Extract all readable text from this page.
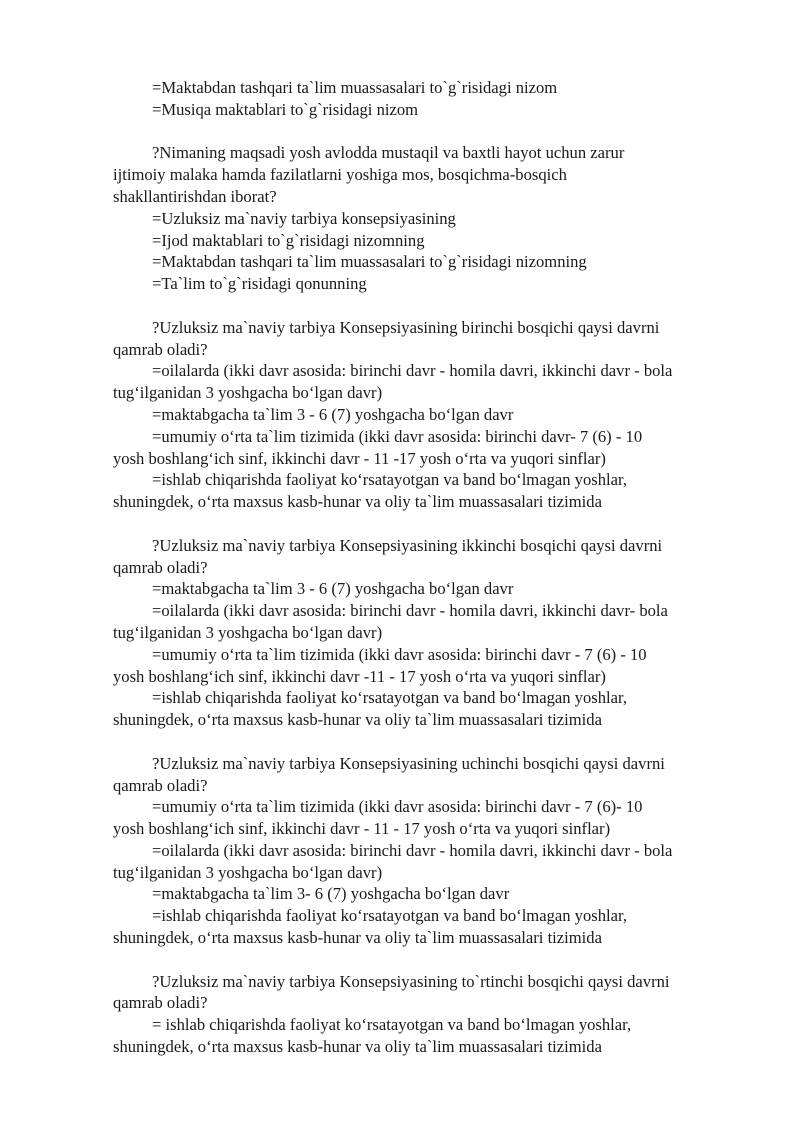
=Maktabdan tashqari ta`lim muassasalari to`g`risidagi nizom
=Musiqa maktablari to`g`risidagi nizom
?Nimaning maqsadi yosh avlodda mustaqil va baxtli hayot uchun zarur
ijtimoiy malaka hamda fazilatlarni yoshiga mos, bosqichma-bosqich
shakllantirishdan iborat?
=Uzluksiz ma`naviy tarbiya konsepsiyasining
=Ijod maktablari to`g`risidagi nizomning
=Maktabdan tashqari ta`lim muassasalari to`g`risidagi nizomning
=Ta`lim to`g`risidagi qonunning
?Uzluksiz ma`naviy tarbiya Konsepsiyasining birinchi bosqichi qaysi davrni
qamrab oladi?
=oilalarda (ikki davr asosida: birinchi davr - homila davri, ikkinchi davr - bola
tug‘ilganidan 3 yoshgacha bo‘lgan davr)
=maktabgacha ta`lim 3 - 6 (7) yoshgacha bo‘lgan davr
=umumiy o‘rta ta`lim tizimida (ikki davr asosida: birinchi davr- 7 (6) - 10
yosh boshlang‘ich sinf, ikkinchi davr - 11 -17 yosh o‘rta va yuqori sinflar)
=ishlab chiqarishda faoliyat ko‘rsatayotgan va band bo‘lmagan yoshlar,
shuningdek, o‘rta maxsus kasb-hunar va oliy ta`lim muassasalari tizimida
?Uzluksiz ma`naviy tarbiya Konsepsiyasining ikkinchi bosqichi qaysi davrni
qamrab oladi?
=maktabgacha ta`lim 3 - 6 (7) yoshgacha bo‘lgan davr
=oilalarda (ikki davr asosida: birinchi davr - homila davri, ikkinchi davr- bola
tug‘ilganidan 3 yoshgacha bo‘lgan davr)
=umumiy o‘rta ta`lim tizimida (ikki davr asosida: birinchi davr - 7 (6) - 10
yosh boshlang‘ich sinf, ikkinchi davr -11 - 17 yosh o‘rta va yuqori sinflar)
=ishlab chiqarishda faoliyat ko‘rsatayotgan va band bo‘lmagan yoshlar,
shuningdek, o‘rta maxsus kasb-hunar va oliy ta`lim muassasalari tizimida
?Uzluksiz ma`naviy tarbiya Konsepsiyasining uchinchi bosqichi qaysi davrni
qamrab oladi?
=umumiy o‘rta ta`lim tizimida (ikki davr asosida: birinchi davr - 7 (6)- 10
yosh boshlang‘ich sinf, ikkinchi davr - 11 - 17 yosh o‘rta va yuqori sinflar)
=oilalarda (ikki davr asosida: birinchi davr - homila davri, ikkinchi davr - bola
tug‘ilganidan 3 yoshgacha bo‘lgan davr)
=maktabgacha ta`lim 3- 6 (7) yoshgacha bo‘lgan davr
=ishlab chiqarishda faoliyat ko‘rsatayotgan va band bo‘lmagan yoshlar,
shuningdek, o‘rta maxsus kasb-hunar va oliy ta`lim muassasalari tizimida
?Uzluksiz ma`naviy tarbiya Konsepsiyasining to`rtinchi bosqichi qaysi davrni
qamrab oladi?
= ishlab chiqarishda faoliyat ko‘rsatayotgan va band bo‘lmagan yoshlar,
shuningdek, o‘rta maxsus kasb-hunar va oliy ta`lim muassasalari tizimida
